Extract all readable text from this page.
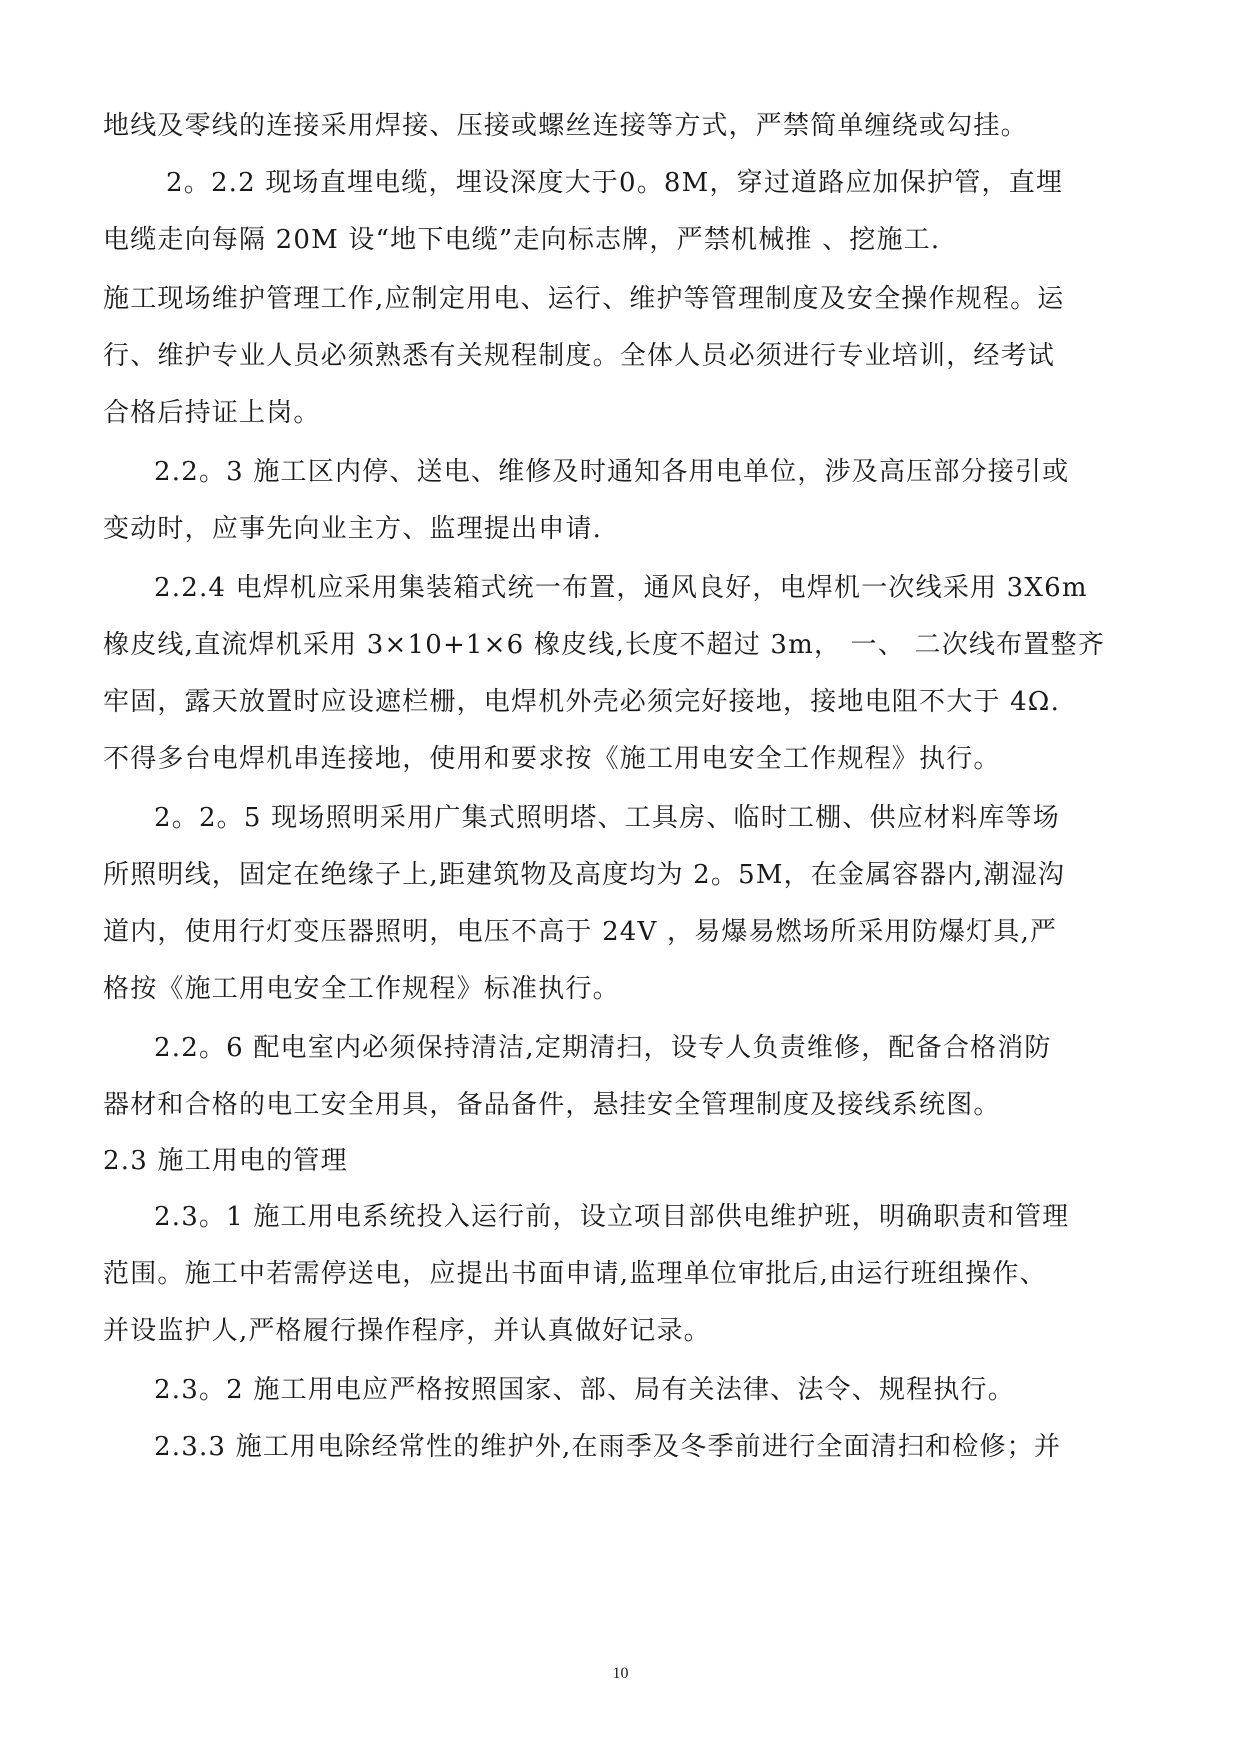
地线及零线的连接采用焊接、压接或螺丝连接等方式，严禁简单缠绕或勾挂。
2。2.2 现场直埋电缆，埋设深度大于0。8M，穿过道路应加保护管，直埋
电缆走向每隔 20M 设“地下电缆”走向标志牌，严禁机械推 、挖施工.
施工现场维护管理工作,应制定用电、运行、维护等管理制度及安全操作规程。运
行、维护专业人员必须熟悉有关规程制度。全体人员必须进行专业培训，经考试
合格后持证上岗。
2.2。3 施工区内停、送电、维修及时通知各用电单位，涉及高压部分接引或
变动时，应事先向业主方、监理提出申请.
2.2.4 电焊机应采用集装箱式统一布置，通风良好，电焊机一次线采用 3X6m
橡皮线,直流焊机采用 3×10+1×6 橡皮线,长度不超过 3m， 一、 二次线布置整齐
牢固，露天放置时应设遮栏栅，电焊机外壳必须完好接地，接地电阻不大于 4Ω.
不得多台电焊机串连接地，使用和要求按《施工用电安全工作规程》执行。
2。2。5 现场照明采用广集式照明塔、工具房、临时工棚、供应材料库等场
所照明线，固定在绝缘子上,距建筑物及高度均为 2。5M，在金属容器内,潮湿沟
道内，使用行灯变压器照明，电压不高于 24V ，易爆易燃场所采用防爆灯具,严
格按《施工用电安全工作规程》标准执行。
2.2。6 配电室内必须保持清洁,定期清扫，设专人负责维修，配备合格消防
器材和合格的电工安全用具，备品备件，悬挂安全管理制度及接线系统图。
2.3 施工用电的管理
2.3。1 施工用电系统投入运行前，设立项目部供电维护班，明确职责和管理
范围。施工中若需停送电，应提出书面申请,监理单位审批后,由运行班组操作、
并设监护人,严格履行操作程序，并认真做好记录。
2.3。2 施工用电应严格按照国家、部、局有关法律、法令、规程执行。
2.3.3 施工用电除经常性的维护外,在雨季及冬季前进行全面清扫和检修；并
10
